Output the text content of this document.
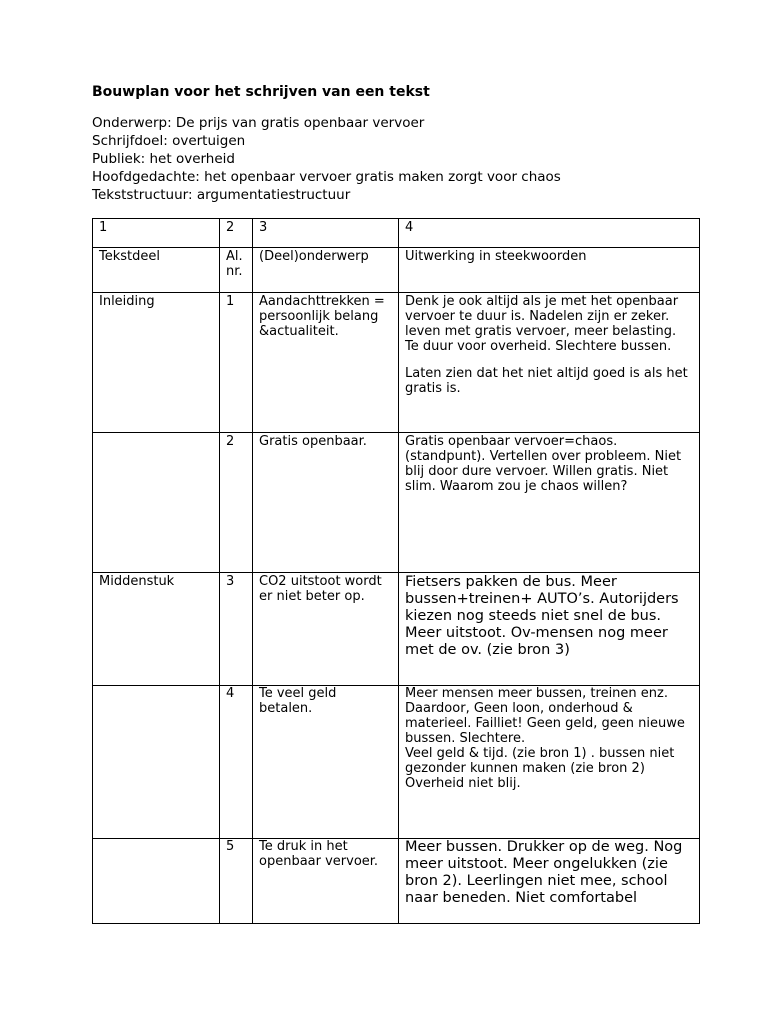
Bouwplan voor het schrijven van een tekst
Onderwerp: De prijs van gratis openbaar vervoer
Schrijfdoel: overtuigen
Publiek: het overheid
Hoofdgedachte: het openbaar vervoer gratis maken zorgt voor chaos
Tekststructuur: argumentatiestructuur
1	2	3	4
Tekstdeel	Al. nr.	(Deel)onderwerp	Uitwerking in steekwoorden
Inleiding	1	Aandachttrekken = persoonlijk belang &actualiteit.	Denk je ook altijd als je met het openbaar vervoer te duur is. Nadelen zijn er zeker. leven met gratis vervoer, meer belasting. Te duur voor overheid. Slechtere bussen.

Laten zien dat het niet altijd goed is als het gratis is.

	2	Gratis openbaar.	Gratis openbaar vervoer=chaos. (standpunt). Vertellen over probleem. Niet blij door dure vervoer. Willen gratis. Niet slim. Waarom zou je chaos willen?

Middenstuk	3	CO2 uitstoot wordt er niet beter op.	Fietsers pakken de bus. Meer bussen+treinen+ AUTO’s. Autorijders kiezen nog steeds niet snel de bus. Meer uitstoot. Ov-mensen nog meer met de ov. (zie bron 3)

	4	Te veel geld betalen.	Meer mensen meer bussen, treinen enz. Daardoor, Geen loon, onderhoud & materieel. Failliet! Geen geld, geen nieuwe bussen. Slechtere.
Veel geld & tijd. (zie bron 1) . bussen niet gezonder kunnen maken (zie bron 2)
Overheid niet blij.

	5	Te druk in het openbaar vervoer.	Meer bussen. Drukker op de weg. Nog meer uitstoot. Meer ongelukken (zie bron 2). Leerlingen niet mee, school naar beneden. Niet comfortabel
